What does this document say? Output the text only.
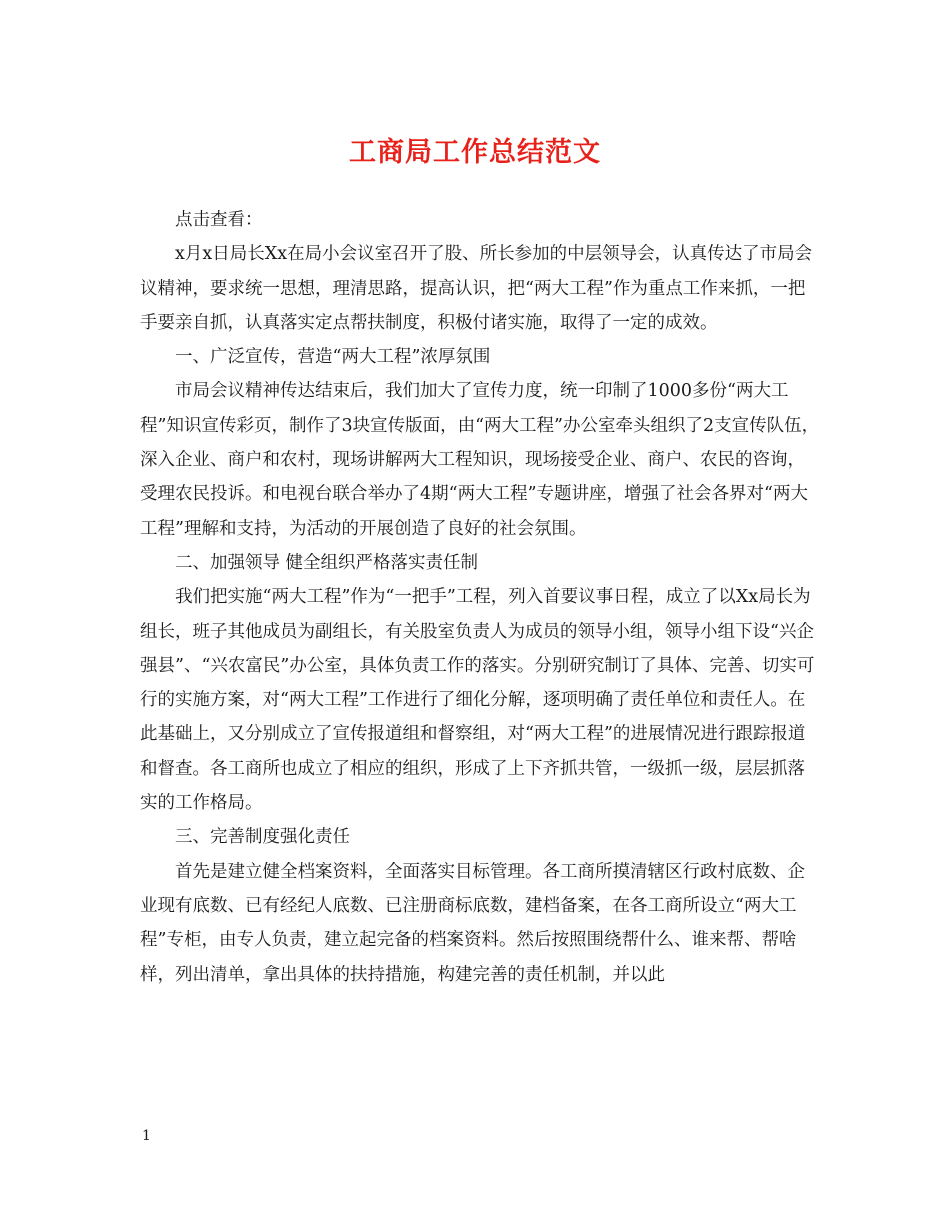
工商局工作总结范文

点击查看：

x月x日局长Xx在局小会议室召开了股、所长参加的中层领导会，认真传达了市局会议精神，要求统一思想，理清思路，提高认识，把“两大工程”作为重点工作来抓，一把手要亲自抓，认真落实定点帮扶制度，积极付诸实施，取得了一定的成效。

一、广泛宣传，营造“两大工程”浓厚氛围

市局会议精神传达结束后，我们加大了宣传力度，统一印制了1000多份“两大工程”知识宣传彩页，制作了3块宣传版面，由“两大工程”办公室牵头组织了2支宣传队伍，深入企业、商户和农村，现场讲解两大工程知识，现场接受企业、商户、农民的咨询，受理农民投诉。和电视台联合举办了4期“两大工程”专题讲座，增强了社会各界对“两大工程”理解和支持，为活动的开展创造了良好的社会氛围。

二、加强领导 健全组织严格落实责任制

我们把实施“两大工程”作为“一把手”工程，列入首要议事日程，成立了以Xx局长为组长，班子其他成员为副组长，有关股室负责人为成员的领导小组，领导小组下设“兴企强县”、“兴农富民”办公室，具体负责工作的落实。分别研究制订了具体、完善、切实可行的实施方案，对“两大工程”工作进行了细化分解，逐项明确了责任单位和责任人。在此基础上，又分别成立了宣传报道组和督察组，对“两大工程”的进展情况进行跟踪报道和督查。各工商所也成立了相应的组织，形成了上下齐抓共管，一级抓一级，层层抓落实的工作格局。

三、完善制度强化责任

首先是建立健全档案资料，全面落实目标管理。各工商所摸清辖区行政村底数、企业现有底数、已有经纪人底数、已注册商标底数，建档备案，在各工商所设立“两大工程”专柜，由专人负责，建立起完备的档案资料。然后按照围绕帮什么、谁来帮、帮啥样，列出清单，拿出具体的扶持措施，构建完善的责任机制，并以此

1
